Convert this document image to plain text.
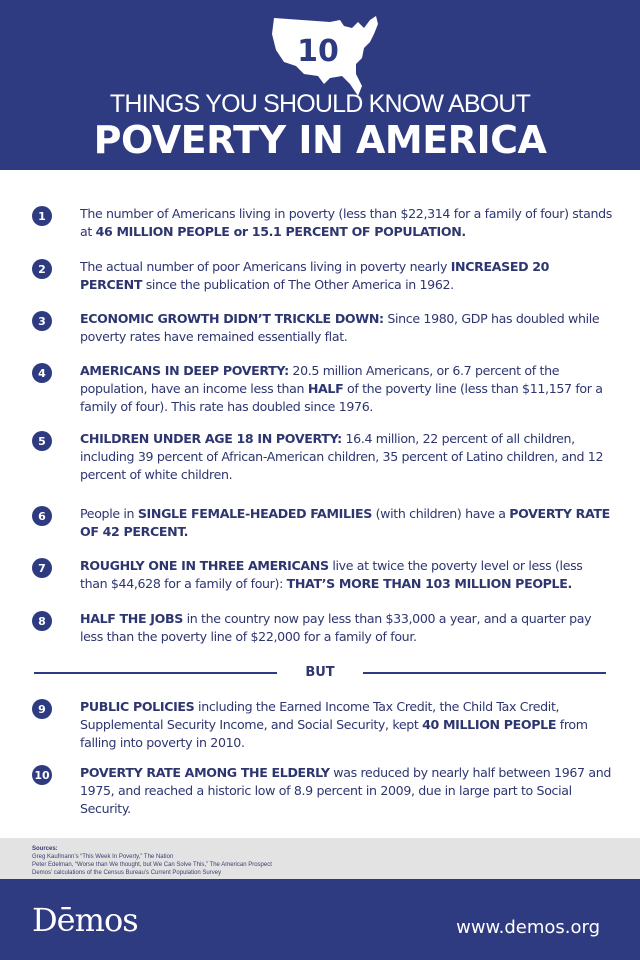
10
THINGS YOU SHOULD KNOW ABOUT
POVERTY IN AMERICA
1	The number of Americans living in poverty (less than $22,314 for a family of four) stands at 46 MILLION PEOPLE or 15.1 PERCENT OF POPULATION.
2	The actual number of poor Americans living in poverty nearly INCREASED 20 PERCENT since the publication of The Other America in 1962.
3	ECONOMIC GROWTH DIDN’T TRICKLE DOWN: Since 1980, GDP has doubled while poverty rates have remained essentially flat.
4	AMERICANS IN DEEP POVERTY: 20.5 million Americans, or 6.7 percent of the population, have an income less than HALF of the poverty line (less than $11,157 for a family of four). This rate has doubled since 1976.
5	CHILDREN UNDER AGE 18 IN POVERTY: 16.4 million, 22 percent of all children, including 39 percent of African-American children, 35 percent of Latino children, and 12 percent of white children.
6	People in SINGLE FEMALE-HEADED FAMILIES (with children) have a POVERTY RATE OF 42 PERCENT.
7	ROUGHLY ONE IN THREE AMERICANS live at twice the poverty level or less (less than $44,628 for a family of four): THAT’S MORE THAN 103 MILLION PEOPLE.
8	HALF THE JOBS in the country now pay less than $33,000 a year, and a quarter pay less than the poverty line of $22,000 for a family of four.
9	PUBLIC POLICIES including the Earned Income Tax Credit, the Child Tax Credit, Supplemental Security Income, and Social Security, kept 40 MILLION PEOPLE from falling into poverty in 2010.
10 POVERTY RATE AMONG THE ELDERLY was reduced by nearly half between 1967 and 1975, and reached a historic low of 8.9 percent in 2009, due in large part to Social Security.
BUT
Sources:
Greg Kaufmann’s “This Week In Poverty,” The Nation
Peter Edelman, “Worse than We thought, but We Can Solve This,” The American Prospect
Demos’ calculations of the Census Bureau’s Current Population Survey
Dēmos	www.demos.org
